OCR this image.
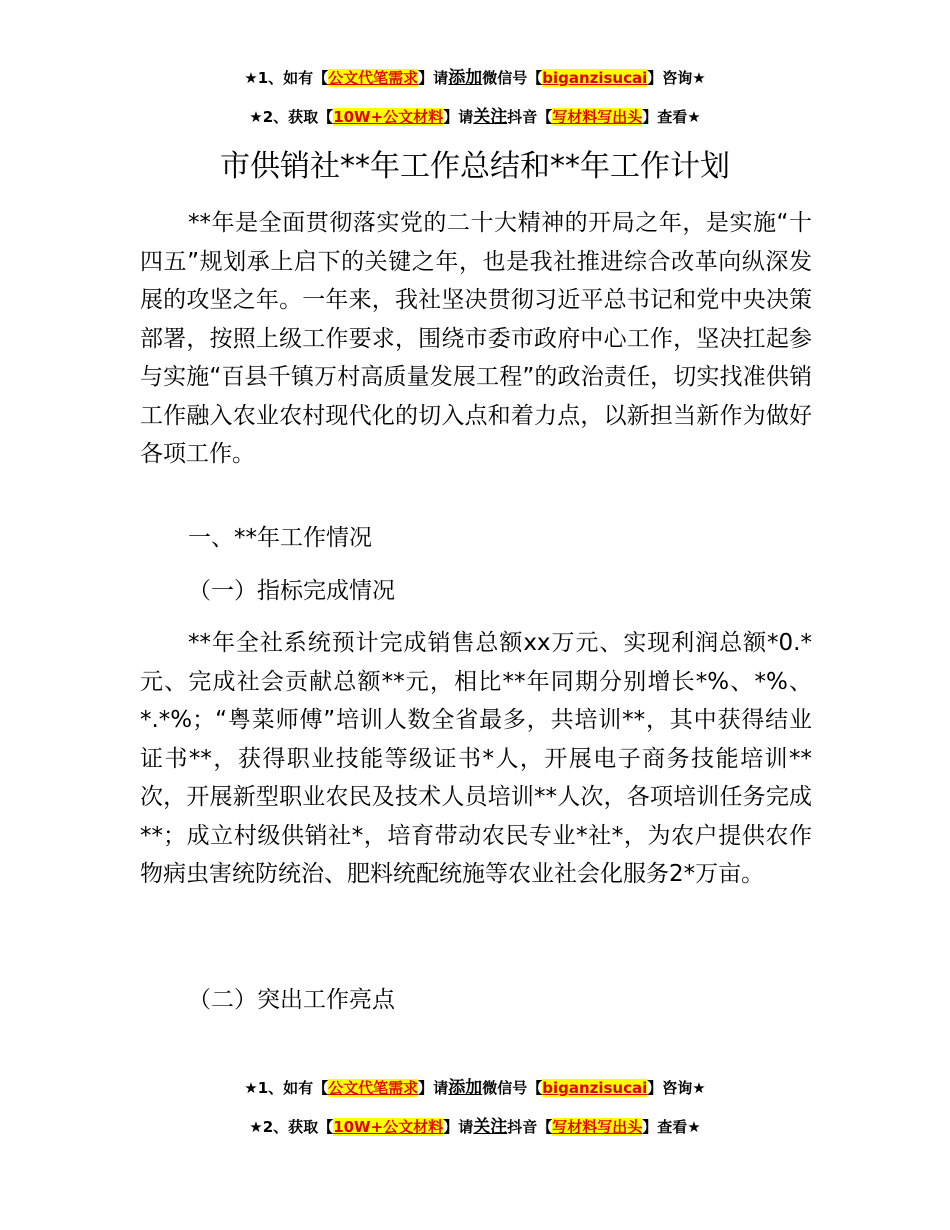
★1、如有【公文代笔需求】请添加微信号【biganzisucai】咨询★
★2、获取【10W+公文材料】请关注抖音【写材料写出头】查看★
市供销社**年工作总结和**年工作计划

**年是全面贯彻落实党的二十大精神的开局之年，是实施“十四五”规划承上启下的关键之年，也是我社推进综合改革向纵深发展的攻坚之年。一年来，我社坚决贯彻习近平总书记和党中央决策部署，按照上级工作要求，围绕市委市政府中心工作，坚决扛起参与实施“百县千镇万村高质量发展工程”的政治责任，切实找准供销工作融入农业农村现代化的切入点和着力点，以新担当新作为做好各项工作。

一、**年工作情况

（一）指标完成情况

**年全社系统预计完成销售总额xx万元、实现利润总额*0.*元、完成社会贡献总额**元，相比**年同期分别增长*%、*%、*.*%；“粤菜师傅”培训人数全省最多，共培训**，其中获得结业证书**，获得职业技能等级证书*人，开展电子商务技能培训**次，开展新型职业农民及技术人员培训**人次，各项培训任务完成**；成立村级供销社*，培育带动农民专业*社*，为农户提供农作物病虫害统防统治、肥料统配统施等农业社会化服务2*万亩。

（二）突出工作亮点

★1、如有【公文代笔需求】请添加微信号【biganzisucai】咨询★
★2、获取【10W+公文材料】请关注抖音【写材料写出头】查看★
